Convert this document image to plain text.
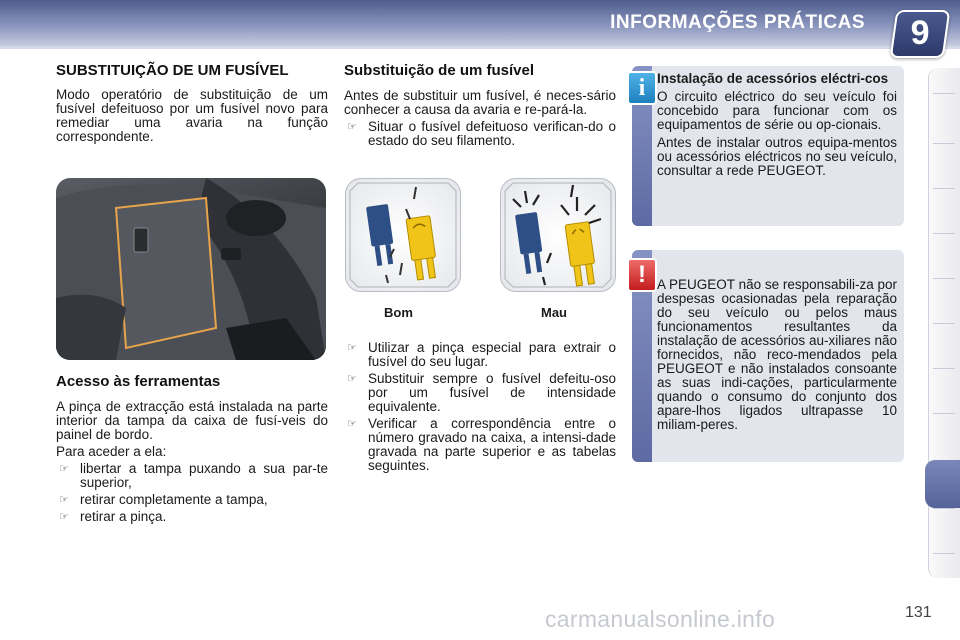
INFORMAÇÕES PRÁTICAS	9
SUBSTITUIÇÃO DE UM FUSÍVEL

Modo operatório de substituição de um fusível defeituoso por um fusível novo para remediar uma avaria na função correspondente.

Acesso às ferramentas

A pinça de extracção está instalada na parte interior da tampa da caixa de fusí-veis do painel de bordo.

Para aceder a ela:

☞ libertar a tampa puxando a sua par-te superior,
☞ retirar completamente a tampa,
☞ retirar a pinça.
Substituição de um fusível

Antes de substituir um fusível, é neces-sário conhecer a causa da avaria e re-pará-la.

☞ Situar o fusível defeituoso verifican-do o estado do seu filamento.
Bom	Mau
☞ Utilizar a pinça especial para extrair o fusível do seu lugar.
☞ Substituir sempre o fusível defeitu-oso por um fusível de intensidade equivalente.
☞ Verificar a correspondência entre o número gravado na caixa, a intensi-dade gravada na parte superior e as tabelas seguintes.
Instalação de acessórios eléctri-cos

O circuito eléctrico do seu veículo foi concebido para funcionar com os equipamentos de série ou op-cionais.

Antes de instalar outros equipa-mentos ou acessórios eléctricos no seu veículo, consultar a rede PEUGEOT.

i

A PEUGEOT não se responsabili-za por despesas ocasionadas pela reparação do seu veículo ou pelos maus funcionamentos resultantes da instalação de acessórios au-xiliares não fornecidos, não reco-mendados pela PEUGEOT e não instalados consoante as suas indi-cações, particularmente quando o consumo do conjunto dos apare-lhos ligados ultrapasse 10 miliam-peres.

!
carmanualsonline.info	131
